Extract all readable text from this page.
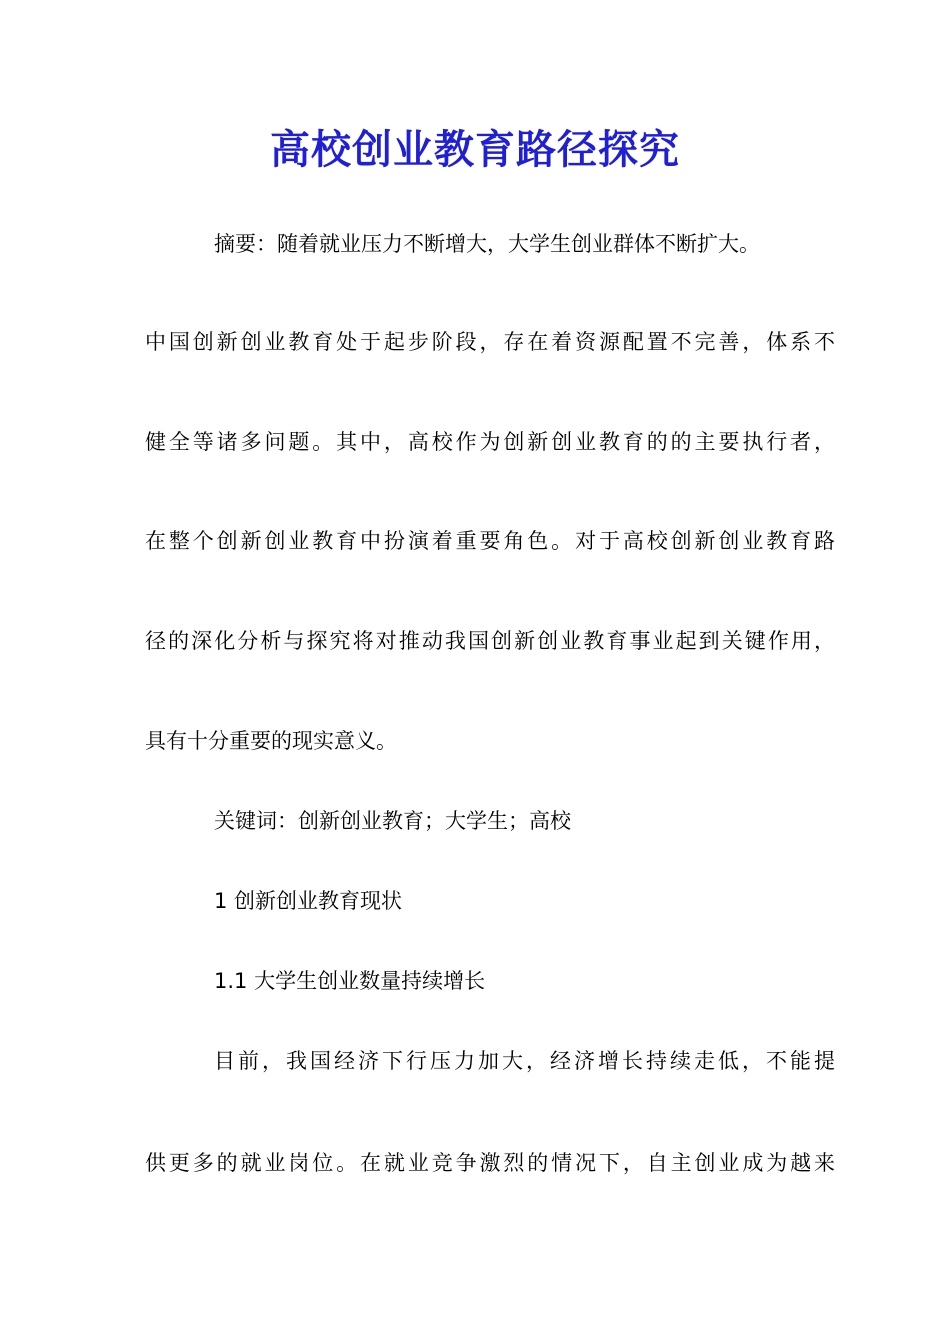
高校创业教育路径探究
摘要：随着就业压力不断增大，大学生创业群体不断扩大。
中国创新创业教育处于起步阶段，存在着资源配置不完善，体系不
健全等诸多问题。其中，高校作为创新创业教育的的主要执行者，
在整个创新创业教育中扮演着重要角色。对于高校创新创业教育路
径的深化分析与探究将对推动我国创新创业教育事业起到关键作用，
具有十分重要的现实意义。
关键词：创新创业教育；大学生；高校
1 创新创业教育现状
1.1 大学生创业数量持续增长
目前，我国经济下行压力加大，经济增长持续走低，不能提
供更多的就业岗位。在就业竞争激烈的情况下，自主创业成为越来
